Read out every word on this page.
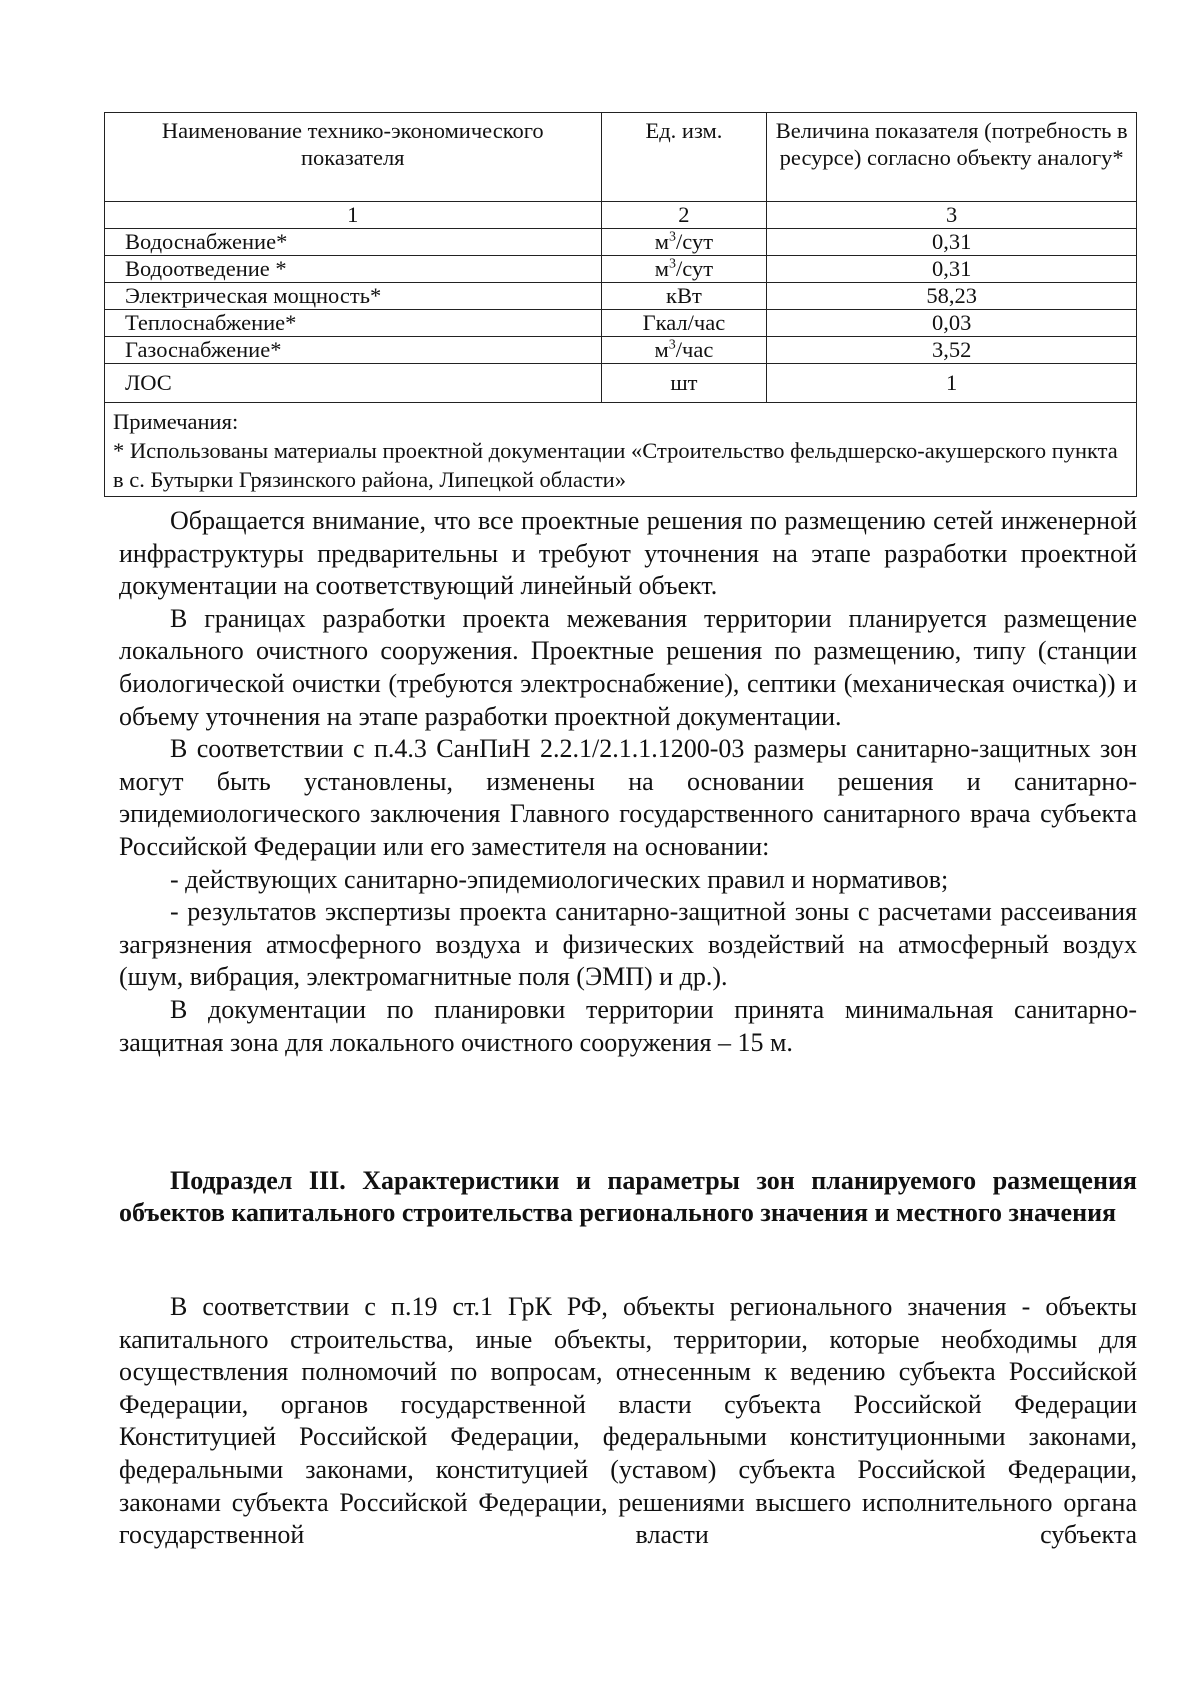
Наименование технико-экономического показателя	Ед. изм.	Величина показателя (потребность в ресурсе) согласно объекту аналогу*
1	2	3
Водоснабжение*	$м^3$/сут	0,31
Водоотведение *	$м^3$/сут	0,31
Электрическая мощность*	кВт	58,23
Теплоснабжение*	Гкал/час	0,03
Газоснабжение*	$м^3$/час	3,52
ЛОС	шт	1

Примечания:
* Использованы материалы проектной документации «Строительство фельдшерско-акушерского пункта в с. Бутырки Грязинского района, Липецкой области»		

Обращается внимание, что все проектные решения по размещению сетей инженерной инфраструктуры предварительны и требуют уточнения на этапе разработки проектной документации на соответствующий линейный объект.

В границах разработки проекта межевания территории планируется размещение локального очистного сооружения. Проектные решения по размещению, типу (станции биологической очистки (требуются электроснабжение), септики (механическая очистка)) и объему уточнения на этапе разработки проектной документации.

В соответствии с п.4.3 СанПиН 2.2.1/2.1.1.1200-03 размеры санитарно-защитных зон могут быть установлены, изменены на основании решения и санитарно-эпидемиологического заключения Главного государственного санитарного врача субъекта Российской Федерации или его заместителя на основании:

- действующих санитарно-эпидемиологических правил и нормативов;

- результатов экспертизы проекта санитарно-защитной зоны с расчетами рассеивания загрязнения атмосферного воздуха и физических воздействий на атмосферный воздух (шум, вибрация, электромагнитные поля (ЭМП) и др.).

В документации по планировки территории принята минимальная санитарно-защитная зона для локального очистного сооружения – 15 м.

Подраздел III. Характеристики и параметры зон планируемого размещения объектов капитального строительства регионального значения и местного значения

В соответствии с п.19 ст.1 ГрК РФ, объекты регионального значения - объекты капитального строительства, иные объекты, территории, которые необходимы для осуществления полномочий по вопросам, отнесенным к ведению субъекта Российской Федерации, органов государственной власти субъекта Российской Федерации Конституцией Российской Федерации, федеральными конституционными законами, федеральными законами, конституцией (уставом) субъекта Российской Федерации, законами субъекта Российской Федерации, решениями высшего исполнительного органа государственной власти субъекта
